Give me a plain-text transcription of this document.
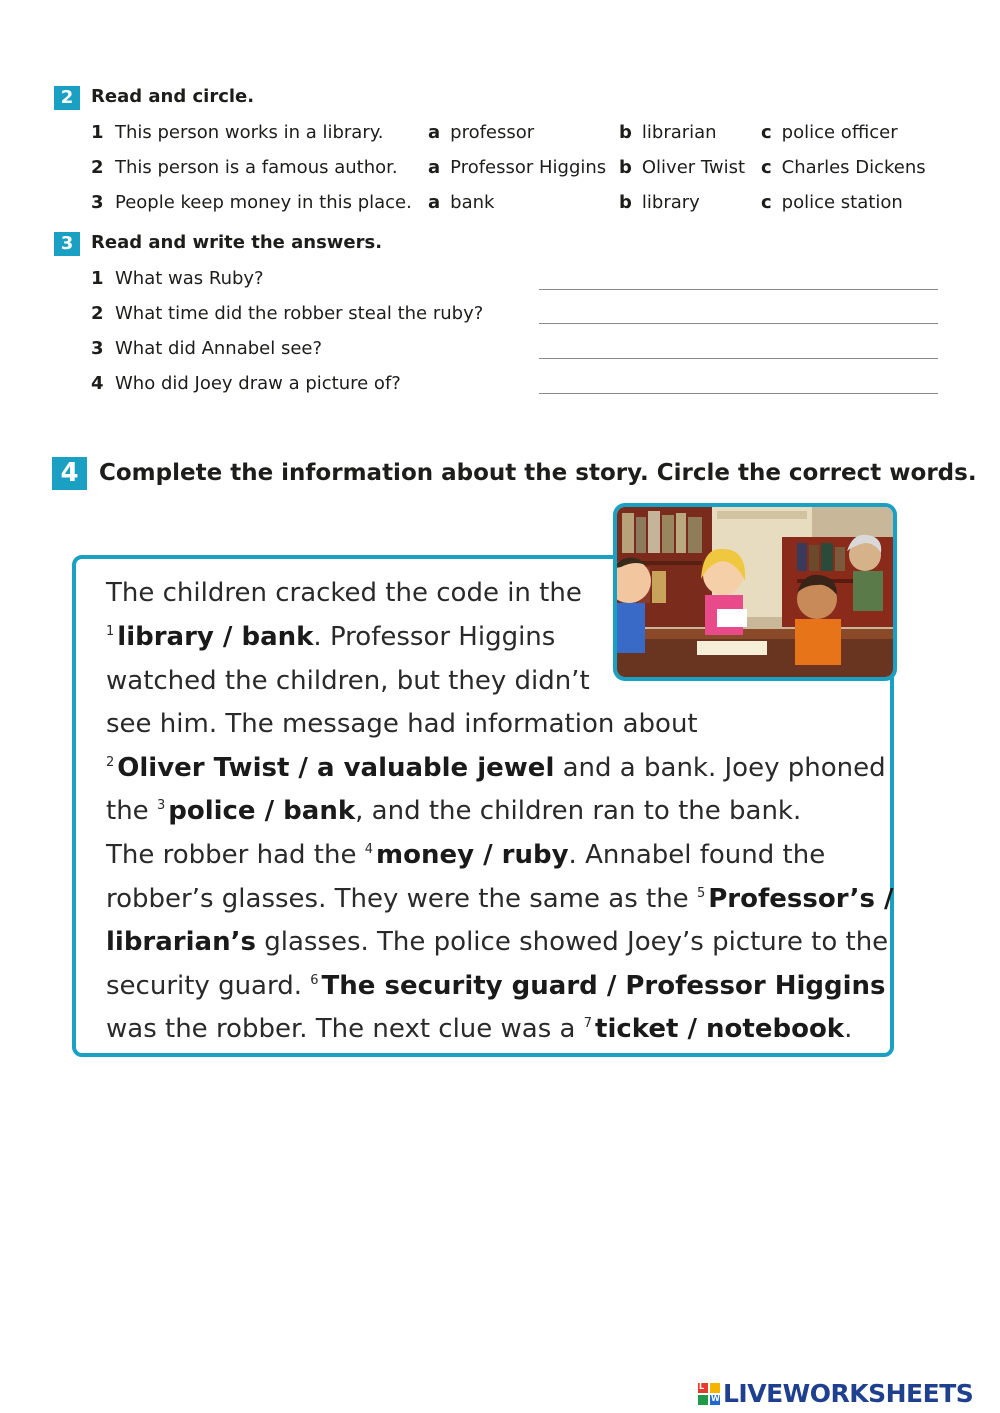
2 Read and circle.
1 This person works in a library. a professor	b librarian c police officer
2 This person is a famous author. a Professor Higgins b Oliver Twist c Charles Dickens
3 People keep money in this place. a bank	b library	c police station
3 Read and write the answers.
1 What was Ruby?
2 What time did the robber steal the ruby?
3 What did Annabel see?
4 Who did Joey draw a picture of?
4 Complete the information about the story. Circle the correct words.
The children cracked the code in the
$^1$ library / bank. Professor Higgins
watched the children, but they didn’t
see him. The message had information about
$^2$ Oliver Twist / a valuable jewel and a bank. Joey phoned
the $^3$ police / bank, and the children ran to the bank.
The robber had the $^4$ money / ruby. Annabel found the
robber’s glasses. They were the same as the $^5$ Professor’s /
librarian’s glasses. The police showed Joey’s picture to the
security guard. $^6$ The security guard / Professor Higgins
was the robber. The next clue was a $^7$ ticket / notebook.
L
W LIVEWORKSHEETS
